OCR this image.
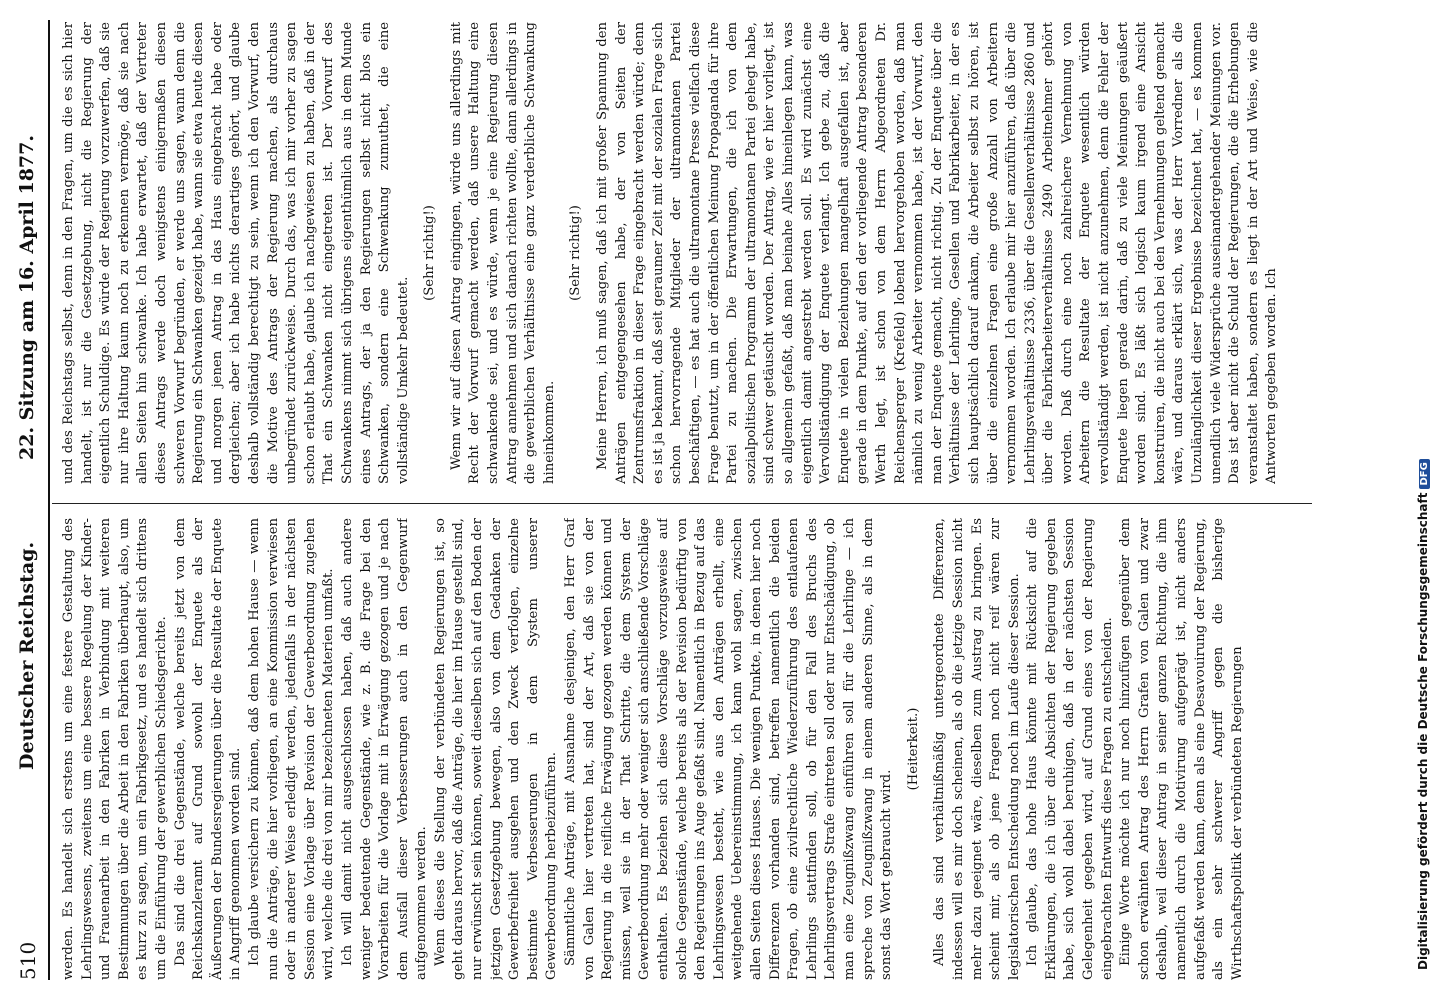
510
Deutscher Reichstag.
22. Sitzung am 16. April 1877.

werden. Es handelt sich erstens um eine festere Gestaltung des Lehrlingswesens, zweitens um eine bessere Regelung der Kinder- und Frauenarbeit in den Fabriken in Verbindung mit weiteren Bestimmungen über die Arbeit in den Fabriken überhaupt, also, um es kurz zu sagen, um ein Fabrikgesetz, und es handelt sich drittens um die Einführung der gewerblichen Schiedsgerichte. Das sind die drei Gegenstände, welche bereits jetzt von dem Reichskanzleramt auf Grund sowohl der Enquete als der Äußerungen der Bundesregierungen über die Resultate der Enquete in Angriff genommen worden sind. Ich glaube versichern zu können, daß dem hohen Hause — wenn nun die Anträge, die hier vorliegen, an eine Kommission verwiesen oder in anderer Weise erledigt werden, jedenfalls in der nächsten Session eine Vorlage über Revision der Gewerbeordnung zugehen wird, welche die drei von mir bezeichneten Materien umfaßt. Ich will damit nicht ausgeschlossen haben, daß auch andere weniger bedeutende Gegenstände, wie z. B. die Frage bei den Vorarbeiten für die Vorlage mit in Erwägung gezogen und je nach dem Ausfall dieser Verbesserungen auch in den Gegenwurf aufgenommen werden. Wenn dieses die Stellung der verbündeten Regierungen ist, so geht daraus hervor, daß die Anträge, die hier im Hause gestellt sind, nur erwünscht sein können, soweit dieselben sich auf den Boden der jetzigen Gesetzgebung bewegen, also von dem Gedanken der Gewerbefreiheit ausgehen und den Zweck verfolgen, einzelne bestimmte Verbesserungen in dem System unserer Gewerbeordnung herbeizuführen. Sämmtliche Anträge, mit Ausnahme desjenigen, den Herr Graf von Galen hier vertreten hat, sind der Art, daß sie von der Regierung in die reifliche Erwägung gezogen werden können und müssen, weil sie in der That Schritte, die dem System der Gewerbeordnung mehr oder weniger sich anschließende Vorschläge enthalten. Es beziehen sich diese Vorschläge vorzugsweise auf solche Gegenstände, welche bereits als der Revision bedürftig von den Regierungen ins Auge gefaßt sind. Namentlich in Bezug auf das Lehrlingswesen besteht, wie aus den Anträgen erhellt, eine weitgehende Uebereinstimmung, ich kann wohl sagen, zwischen allen Seiten dieses Hauses. Die wenigen Punkte, in denen hier noch Differenzen vorhanden sind, betreffen namentlich die beiden Fragen, ob eine zivilrechtliche Wiederzuführung des entlaufenen Lehrlings stattfinden soll, ob für den Fall des Bruchs des Lehrlingsvertrags Strafe eintreten soll oder nur Entschädigung, ob man eine Zeugnißzwang einführen soll für die Lehrlinge — ich spreche von Zeugnißzwang in einem anderen Sinne, als in dem sonst das Wort gebraucht wird.

(Heiterkeit.) Alles das sind verhältnißmäßig untergeordnete Differenzen, indessen will es mir doch scheinen, als ob die jetzige Session nicht mehr dazu geeignet wäre, dieselben zum Austrag zu bringen. Es scheint mir, als ob jene Fragen noch nicht reif wären zur legislatorischen Entscheidung noch im Laufe dieser Session. Ich glaube, das hohe Haus könnte mit Rücksicht auf die Erklärungen, die ich über die Absichten der Regierung gegeben habe, sich wohl dabei beruhigen, daß in der nächsten Session Gelegenheit gegeben wird, auf Grund eines von der Regierung eingebrachten Entwurfs diese Fragen zu entscheiden. Einige Worte möchte ich nur noch hinzufügen gegenüber dem schon erwähnten Antrag des Herrn Grafen von Galen und zwar deshalb, weil dieser Antrag in seiner ganzen Richtung, die ihm namentlich durch die Motivirung aufgeprägt ist, nicht anders aufgefaßt werden kann, denn als eine Desavouirung der Regierung, als ein sehr schwerer Angriff gegen die bisherige Wirthschaftspolitik der verbündeten Regierungen

und des Reichstags selbst, denn in den Fragen, um die es sich hier handelt, ist nur die Gesetzgebung, nicht die Regierung der eigentlich Schuldige. Es würde der Regierung vorzuwerfen, daß sie nur ihre Haltung kaum noch zu erkennen vermöge, daß sie nach allen Seiten hin schwanke. Ich habe erwartet, daß der Vertreter dieses Antrags werde doch wenigstens einigermaßen diesen schweren Vorwurf begründen, er werde uns sagen, wann denn die Regierung ein Schwanken gezeigt habe, wann sie etwa heute diesen und morgen jenen Antrag in das Haus eingebracht habe oder dergleichen; aber ich habe nichts derartiges gehört, und glaube deshalb vollständig berechtigt zu sein, wenn ich den Vorwurf, den die Motive des Antrags der Regierung machen, als durchaus unbegründet zurückweise. Durch das, was ich mir vorher zu sagen schon erlaubt habe, glaube ich nachgewiesen zu haben, daß in der That ein Schwanken nicht eingetreten ist. Der Vorwurf des Schwankens nimmt sich übrigens eigenthümlich aus in dem Munde eines Antrags, der ja den Regierungen selbst nicht blos ein Schwanken, sondern eine Schwenkung zumuthet, die eine vollständige Umkehr bedeutet.

(Sehr richtig!) Wenn wir auf diesen Antrag eingingen, würde uns allerdings mit Recht der Vorwurf gemacht werden, daß unsere Haltung eine schwankende sei, und es würde, wenn je eine Regierung diesen Antrag annehmen und sich danach richten wollte, dann allerdings in die gewerblichen Verhältnisse eine ganz verderbliche Schwankung hineinkommen.

(Sehr richtig!) Meine Herren, ich muß sagen, daß ich mit großer Spannung den Anträgen entgegengesehen habe, der von Seiten der Zentrumsfraktion in dieser Frage eingebracht werden würde; denn es ist ja bekannt, daß seit geraumer Zeit mit der sozialen Frage sich schon hervorragende Mitglieder der ultramontanen Partei beschäftigen, — es hat auch die ultramontane Presse vielfach diese Frage benutzt, um in der öffentlichen Meinung Propaganda für ihre Partei zu machen. Die Erwartungen, die ich von dem sozialpolitischen Programm der ultramontanen Partei gehegt habe, sind schwer getäuscht worden. Der Antrag, wie er hier vorliegt, ist so allgemein gefaßt, daß man beinahe Alles hineinlegen kann, was eigentlich damit angestrebt werden soll. Es wird zunächst eine Vervollständigung der Enquete verlangt. Ich gebe zu, daß die Enquete in vielen Beziehungen mangelhaft ausgefallen ist, aber gerade in dem Punkte, auf den der vorliegende Antrag besonderen Werth legt, ist schon von dem Herrn Abgeordneten Dr. Reichensperger (Krefeld) lobend hervorgehoben worden, daß man nämlich zu wenig Arbeiter vernommen habe, ist der Vorwurf, den man der Enquete gemacht, nicht richtig. Zu der Enquete über die Verhältnisse der Lehrlinge, Gesellen und Fabrikarbeiter, in der es sich hauptsächlich darauf ankam, die Arbeiter selbst zu hören, ist über die einzelnen Fragen eine große Anzahl von Arbeitern vernommen worden. Ich erlaube mir hier anzuführen, daß über die Lehrlingsverhältnisse 2336, über die Gesellenverhältnisse 2860 und über die Fabrikarbeiterverhältnisse 2490 Arbeitnehmer gehört worden. Daß durch eine noch zahlreichere Vernehmung von Arbeitern die Resultate der Enquete wesentlich würden vervollständigt werden, ist nicht anzunehmen, denn die Fehler der Enquete liegen gerade darin, daß zu viele Meinungen geäußert worden sind. Es läßt sich logisch kaum irgend eine Ansicht konstruiren, die nicht auch bei den Vernehmungen geltend gemacht wäre, und daraus erklärt sich, was der Herr Vorredner als die Unzulänglichkeit dieser Ergebnisse bezeichnet hat, — es kommen unendlich viele Widersprüche auseinandergehender Meinungen vor. Das ist aber nicht die Schuld der Regierungen, die die Erhebungen veranstaltet haben, sondern es liegt in der Art und Weise, wie die Antworten gegeben worden. Ich

Digitalisierung gefördert durch die Deutsche ForschungsgemeinschaftDFG
